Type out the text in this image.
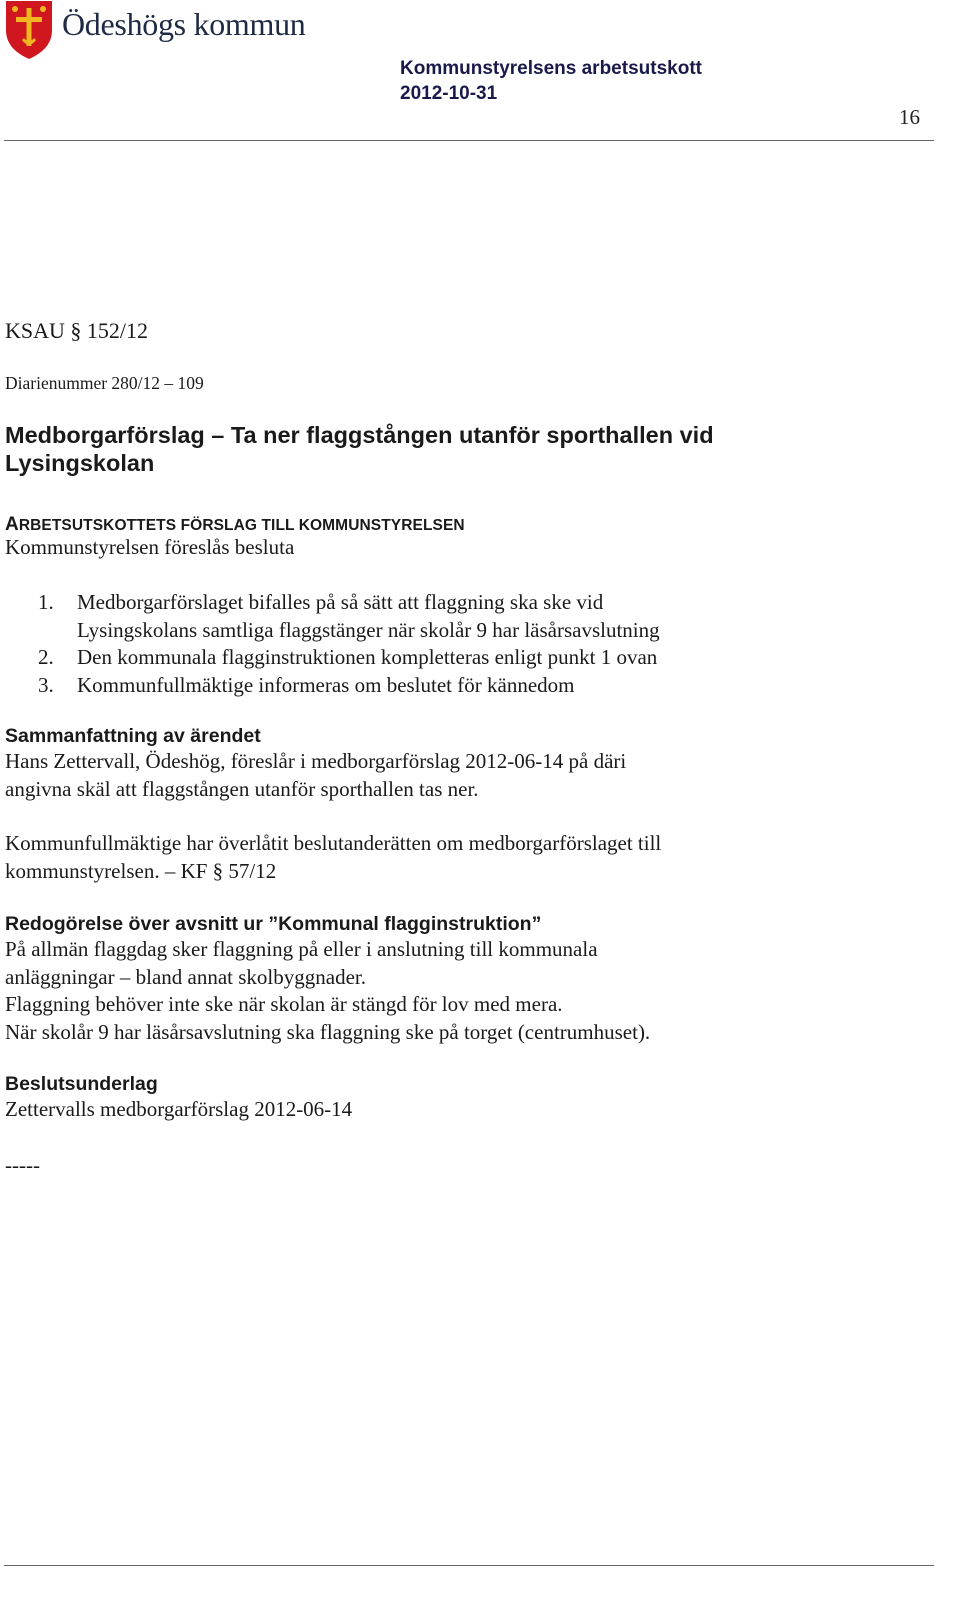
Ödeshögs kommun
Kommunstyrelsens arbetsutskott
2012-10-31
16
KSAU § 152/12
Diarienummer 280/12 – 109
Medborgarförslag – Ta ner flaggstången utanför sporthallen vid
Lysingskolan
ARBETSUTSKOTTETS FÖRSLAG TILL KOMMUNSTYRELSEN
Kommunstyrelsen föreslås besluta
1.	Medborgarförslaget bifalles på så sätt att flaggning ska ske vid
Lysingskolans samtliga flaggstänger när skolår 9 har läsårsavslutning
2.	Den kommunala flagginstruktionen kompletteras enligt punkt 1 ovan
3.	Kommunfullmäktige informeras om beslutet för kännedom
Sammanfattning av ärendet
Hans Zettervall, Ödeshög, föreslår i medborgarförslag 2012-06-14 på däri
angivna skäl att flaggstången utanför sporthallen tas ner.
Kommunfullmäktige har överlåtit beslutanderätten om medborgarförslaget till
kommunstyrelsen. – KF § 57/12
Redogörelse över avsnitt ur ”Kommunal flagginstruktion”
På allmän flaggdag sker flaggning på eller i anslutning till kommunala
anläggningar – bland annat skolbyggnader.
Flaggning behöver inte ske när skolan är stängd för lov med mera.
När skolår 9 har läsårsavslutning ska flaggning ske på torget (centrumhuset).
Beslutsunderlag
Zettervalls medborgarförslag 2012-06-14
-----
